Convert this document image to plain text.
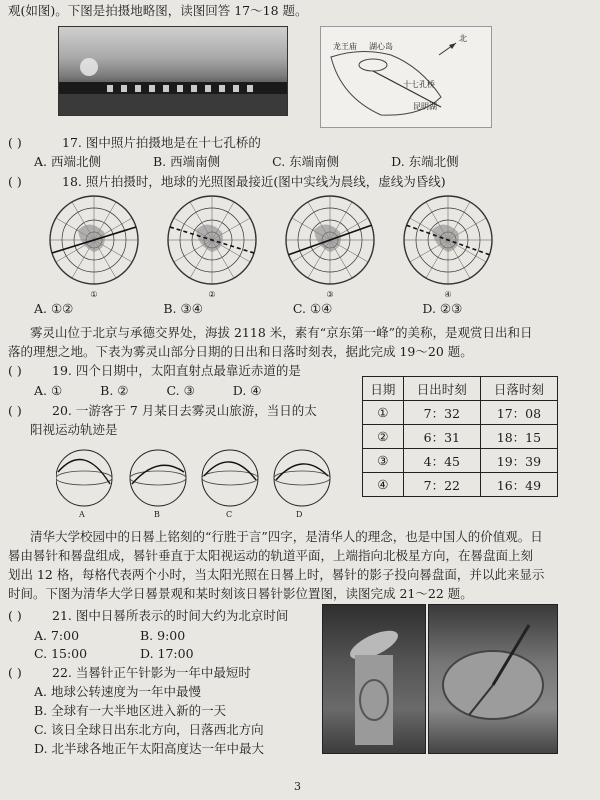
观(如图)。下图是拍摄地略图，读图回答 17～18 题。
龙王庙 湖心岛
北
十七孔桥
昆明湖
( )	17. 图中照片拍摄地是在十七孔桥的
A. 西端北侧	B. 西端南侧	C. 东端南侧	D. 东端北侧
( )	18. 照片拍摄时，地球的光照图最接近(图中实线为晨线，虚线为昏线)
①	②	③	④
A. ①②	B. ③④	C. ①④	D. ②③
雾灵山位于北京与承德交界处，海拔 2118 米，素有“京东第一峰”的美称，是观赏日出和日
落的理想之地。下表为雾灵山部分日期的日出和日落时刻表，据此完成 19～20 题。
( ) 19. 四个日期中，太阳直射点最靠近赤道的是
A. ①	B. ②	C. ③	D. ④
( ) 20. 一游客于 7 月某日去雾灵山旅游，当日的太
阳视运动轨迹是
A	B	C	D
日期	日出时刻	日落时刻
①	7：32	17：08
②	6：31	18：15
③	4：45	19：39
④	7：22	16：49
清华大学校园中的日晷上铭刻的“行胜于言”四字，是清华人的理念，也是中国人的价值观。日
晷由晷针和晷盘组成，晷针垂直于太阳视运动的轨道平面，上端指向北极星方向，在晷盘面上刻
划出 12 格，每格代表两个小时，当太阳光照在日晷上时，晷针的影子投向晷盘面，并以此来显示
时间。下图为清华大学日晷景观和某时刻该日晷针影位置图，读图完成 21～22 题。
( ) 21. 图中日晷所表示的时间大约为北京时间
A. 7:00	B. 9:00
C. 15:00	D. 17:00
( ) 22. 当晷针正午针影为一年中最短时
A. 地球公转速度为一年中最慢
B. 全球有一大半地区进入新的一天
C. 该日全球日出东北方向，日落西北方向
D. 北半球各地正午太阳高度达一年中最大
3
